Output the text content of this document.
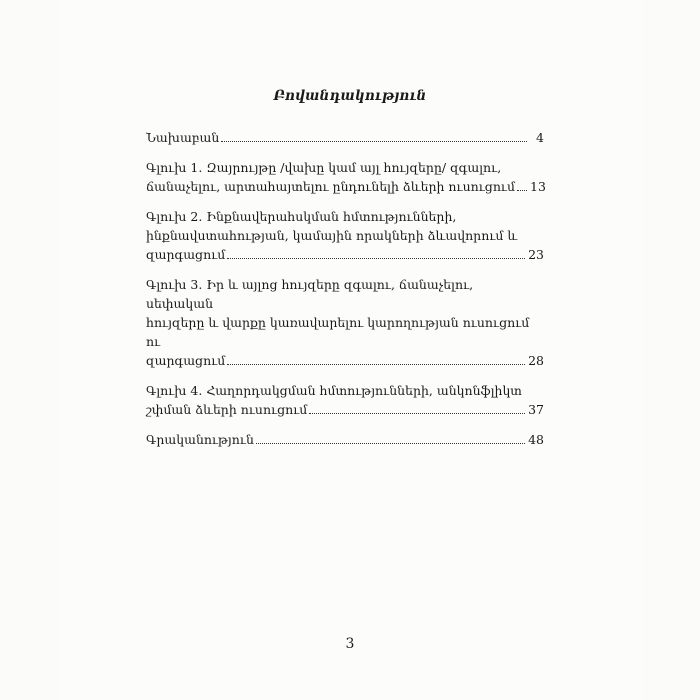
Բովանդակություն
Նախաբան	4
Գլուխ 1. Զայրույթը /վախը կամ այլ հույզերը/ զգալու,
ճանաչելու, արտահայտելու ընդունելի ձևերի ուսուցում 13
Գլուխ 2. Ինքնավերահսկման հմտությունների,
ինքնավստահության, կամային որակների ձևավորում և
զարգացում	23
Գլուխ 3. Իր և այլոց հույզերը զգալու, ճանաչելու, սեփական
հույզերը և վարքը կառավարելու կարողության ուսուցում ու
զարգացում	28
Գլուխ 4. Հաղորդակցման հմտությունների, անկոնֆլիկտ
շփման ձևերի ուսուցում	37
Գրականություն	48
3
